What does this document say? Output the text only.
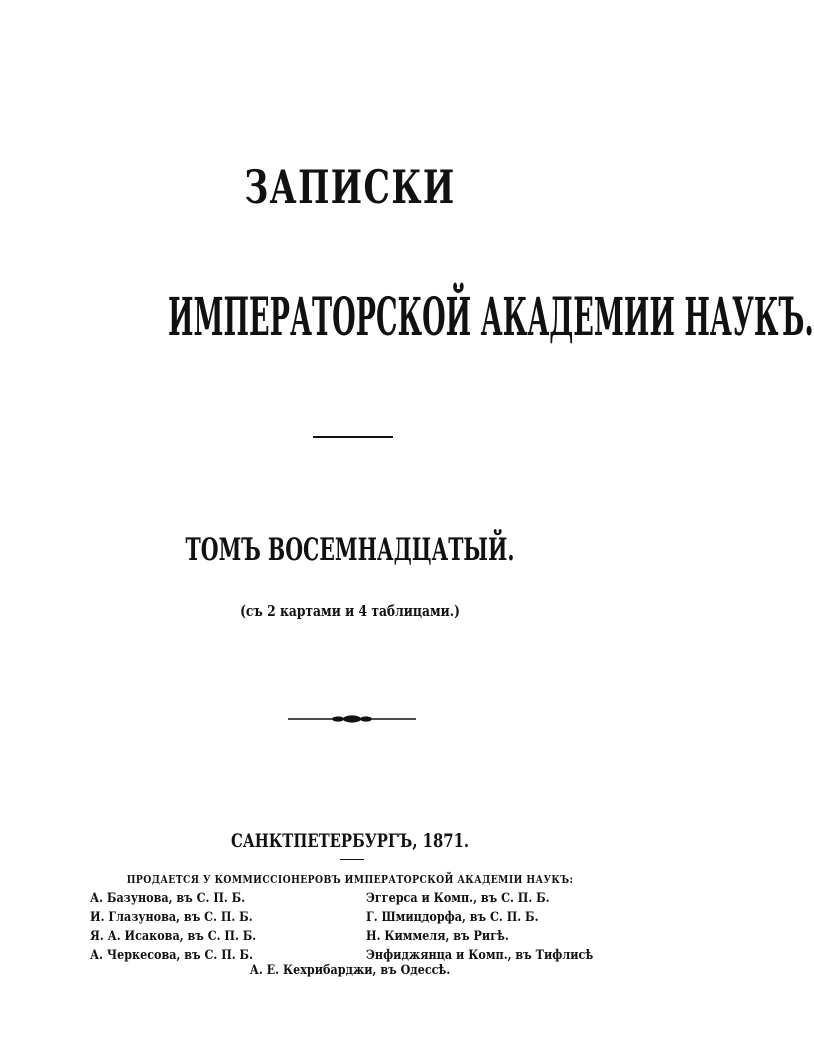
ЗАПИСКИ
ИМПЕРАТОРСКОЙ АКАДЕМИИ НАУКЪ.
ТОМЪ ВОСЕМНАДЦАТЫЙ.
(съ 2 картами и 4 таблицами.)
САНКТПЕТЕРБУРГЪ, 1871.
ПРОДАЕТСЯ У КОММИССІОНЕРОВЪ ИМПЕРАТОРСКОЙ АКАДЕМІИ НАУКЪ:
А. Базунова, въ С. П. Б.	Эггерса и Комп., въ С. П. Б.
И. Глазунова, въ С. П. Б.	Г. Шмицдорфа, въ С. П. Б.
Я. А. Исакова, въ С. П. Б.	Н. Киммеля, въ Ригѣ.
А. Черкесова, въ С. П. Б.	Энфиджянца и Комп., въ Тифлисѣ
А. Е. Кехрибарджи, въ Одессѣ.
